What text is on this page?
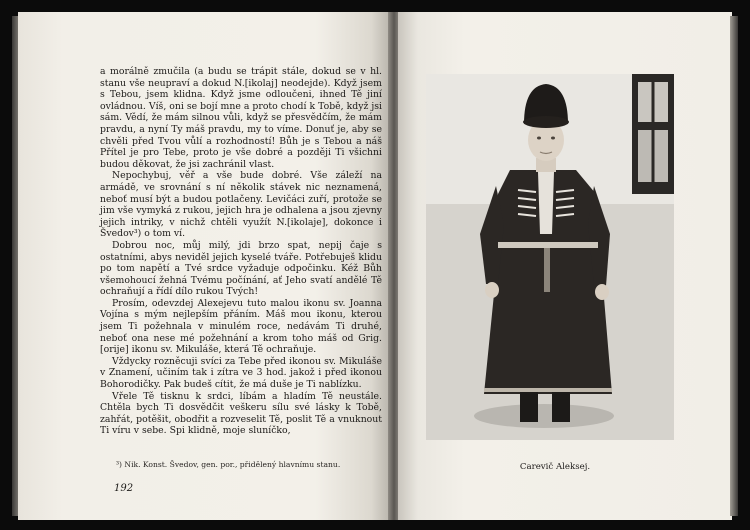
a morálně zmučila (a budu se trápit stále, dokud se v hl. stanu vše neupraví a dokud N.[ikolaj] neodejde). Když jsem s Tebou, jsem klidna. Když jsme odloučeni, ihned Tě jiní ovládnou. Víš, oni se bojí mne a proto chodí k Tobě, když jsi sám. Vědí, že mám silnou vůli, když se přesvědčím, že mám pravdu, a nyní Ty máš pravdu, my to víme. Donuť je, aby se chvěli před Tvou vůlí a rozhodností! Bůh je s Tebou a náš Přítel je pro Tebe, proto je vše dobré a později Ti všichni budou děkovat, že jsi zachránil vlast.

Nepochybuj, věř a vše bude dobré. Vše záleží na armádě, ve srovnání s ní několik stávek nic neznamená, neboť musí být a budou potlačeny. Levičáci zuří, protože se jim vše vymyká z rukou, jejich hra je odhalena a jsou zjevny jejich intriky, v nichž chtěli využít N.[ikolaje], dokonce i Švedov³) o tom ví.

Dobrou noc, můj milý, jdi brzo spat, nepij čaje s ostatními, abys neviděl jejich kyselé tváře. Potřebuješ klidu po tom napětí a Tvé srdce vyžaduje odpočinku. Kéž Bůh všemohoucí žehná Tvému počínání, ať Jeho svatí andělé Tě ochraňují a řídí dílo rukou Tvých!

Prosím, odevzdej Alexejevu tuto malou ikonu sv. Joanna Vojína s mým nejlepším přáním. Máš mou ikonu, kterou jsem Ti požehnala v minulém roce, nedávám Ti druhé, neboť ona nese mé požehnání a krom toho máš od Grig.[orije] ikonu sv. Mikuláše, která Tě ochraňuje.

Vždycky rozněcuji svíci za Tebe před ikonou sv. Mikuláše v Znamení, učiním tak i zítra ve 3 hod. jakož i před ikonou Bohorodičky. Pak budeš cítit, že má duše je Ti nablízku.

Vřele Tě tisknu k srdci, líbám a hladím Tě neustále. Chtěla bych Ti dosvědčit veškeru sílu své lásky k Tobě, zahřát, potěšit, obodřit a rozveselit Tě, poslit Tě a vnuknout Ti víru v sebe. Spi klidně, moje sluníčko,

³) Nik. Konst. Švedov, gen. por., přidělený hlavnímu stanu.
192
Carevič Aleksej.
